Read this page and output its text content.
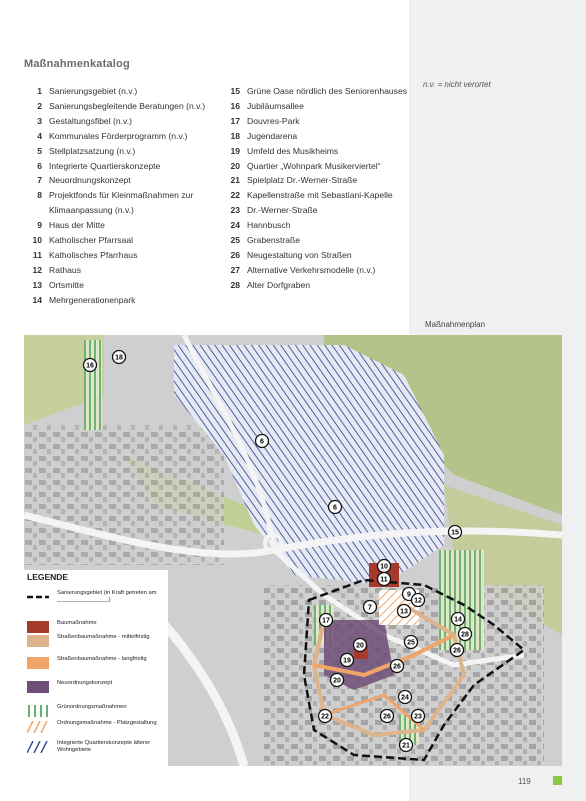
Maßnahmenkatalog
n.v. = nicht verortet
1 Sanierungsgebiet (n.v.)
2 Sanierungsbegleitende Beratungen (n.v.)
3 Gestaltungsfibel (n.v.)
4 Kommunales Förderprogramm (n.v.)
5 Stellplatzsatzung (n.v.)
6 Integrierte Quartierskonzepte
7 Neuordnungskonzept
8 Projektfonds für Kleinmaßnahmen zur Klimaanpassung (n.v.)
9 Haus der Mitte
10 Katholischer Pfarrsaal
11 Katholisches Pfarrhaus
12 Rathaus
13 Ortsmitte
14 Mehrgenerationenpark
15 Grüne Oase nördlich des Seniorenhauses
16 Jubiläumsallee
17 Douvres-Park
18 Jugendarena
19 Umfeld des Musikheims
20 Quartier „Wohnpark Musikerviertel“
21 Spielplatz Dr.-Werner-Straße
22 Kapellenstraße mit Sebastiani-Kapelle
23 Dr.-Werner-Straße
24 Hannbusch
25 Grabenstraße
26 Neugestaltung von Straßen
27 Alternative Verkehrsmodelle (n.v.)
28 Alter Dorfgraben
Maßnahmenplan
16
18
6
6
15
10
11
9
7
12
13
14
17
28
25
19
20
26
26
20
24
22	23
26
21
LEGENDE
Sanierungsgebiet (in Kraft getreten am ________________)
Baumaßnahme
Straßenbaumaßnahme - mittelfristig
Straßenbaumaßnahme - langfristig
Neuordnungskonzept
Grünordnungsmaßnahmen
Ordnungsmaßnahme - Platzgestaltung
Integrierte Quartierskonzepte älterer Wohngebiete
119
